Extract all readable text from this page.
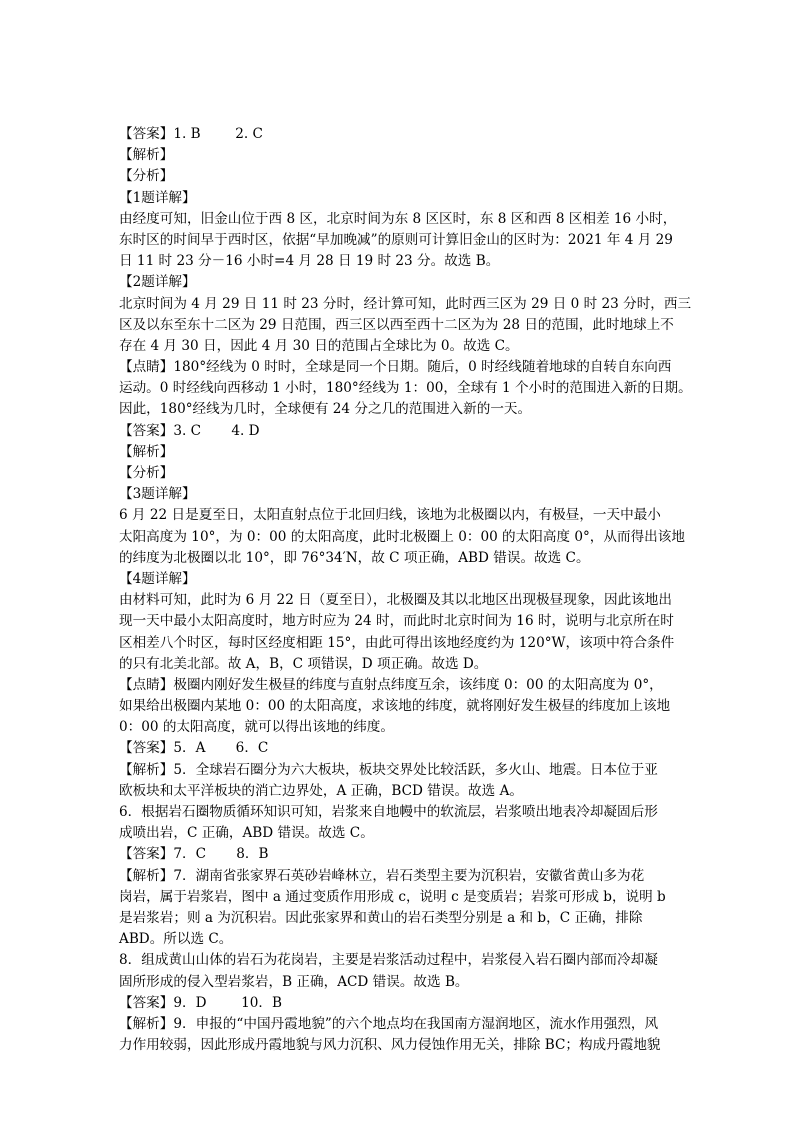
【答案】1. B        2. C
【解析】
【分析】
【1题详解】
由经度可知，旧金山位于西 8 区，北京时间为东 8 区区时，东 8 区和西 8 区相差 16 小时，
东时区的时间早于西时区，依据“早加晚减”的原则可计算旧金山的区时为：2021 年 4 月 29
日 11 时 23 分－16 小时=4 月 28 日 19 时 23 分。故选 B。
【2题详解】
北京时间为 4 月 29 日 11 时 23 分时，经计算可知，此时西三区为 29 日 0 时 23 分时，西三
区及以东至东十二区为 29 日范围，西三区以西至西十二区为为 28 日的范围，此时地球上不
存在 4 月 30 日，因此 4 月 30 日的范围占全球比为 0。故选 C。
【点睛】180°经线为 0 时时，全球是同一个日期。随后，0 时经线随着地球的自转自东向西
运动。0 时经线向西移动 1 小时，180°经线为 1：00，全球有 1 个小时的范围进入新的日期。
因此，180°经线为几时，全球便有 24 分之几的范围进入新的一天。
【答案】3. C       4. D
【解析】
【分析】
【3题详解】
6 月 22 日是夏至日，太阳直射点位于北回归线，该地为北极圈以内，有极昼，一天中最小
太阳高度为 10°，为 0：00 的太阳高度，此时北极圈上 0：00 的太阳高度 0°，从而得出该地
的纬度为北极圈以北 10°，即 76°34′N，故 C 项正确，ABD 错误。故选 C。
【4题详解】
由材料可知，此时为 6 月 22 日（夏至日），北极圈及其以北地区出现极昼现象，因此该地出
现一天中最小太阳高度时，地方时应为 24 时，而此时北京时间为 16 时，说明与北京所在时
区相差八个时区，每时区经度相距 15°，由此可得出该地经度约为 120°W，该项中符合条件
的只有北美北部。故 A，B，C 项错误，D 项正确。故选 D。
【点睛】极圈内刚好发生极昼的纬度与直射点纬度互余，该纬度 0：00 的太阳高度为 0°，
如果给出极圈内某地 0：00 的太阳高度，求该地的纬度，就将刚好发生极昼的纬度加上该地
0：00 的太阳高度，就可以得出该地的纬度。
【答案】5．A       6．C
【解析】5．全球岩石圈分为六大板块，板块交界处比较活跃，多火山、地震。日本位于亚
欧板块和太平洋板块的消亡边界处，A 正确，BCD 错误。故选 A。
6．根据岩石圈物质循环知识可知，岩浆来自地幔中的软流层，岩浆喷出地表冷却凝固后形
成喷出岩，C 正确，ABD 错误。故选 C。
【答案】7．C       8．B
【解析】7．湖南省张家界石英砂岩峰林立，岩石类型主要为沉积岩，安徽省黄山多为花
岗岩，属于岩浆岩，图中 a 通过变质作用形成 c，说明 c 是变质岩；岩浆可形成 b，说明 b
是岩浆岩；则 a 为沉积岩。因此张家界和黄山的岩石类型分别是 a 和 b，C 正确，排除
ABD。所以选 C。
8．组成黄山山体的岩石为花岗岩，主要是岩浆活动过程中，岩浆侵入岩石圈内部而冷却凝
固所形成的侵入型岩浆岩，B 正确，ACD 错误。故选 B。
【答案】9．D        10．B
【解析】9．申报的“中国丹霞地貌”的六个地点均在我国南方湿润地区，流水作用强烈，风
力作用较弱，因此形成丹霞地貌与风力沉积、风力侵蚀作用无关，排除 BC；构成丹霞地貌
